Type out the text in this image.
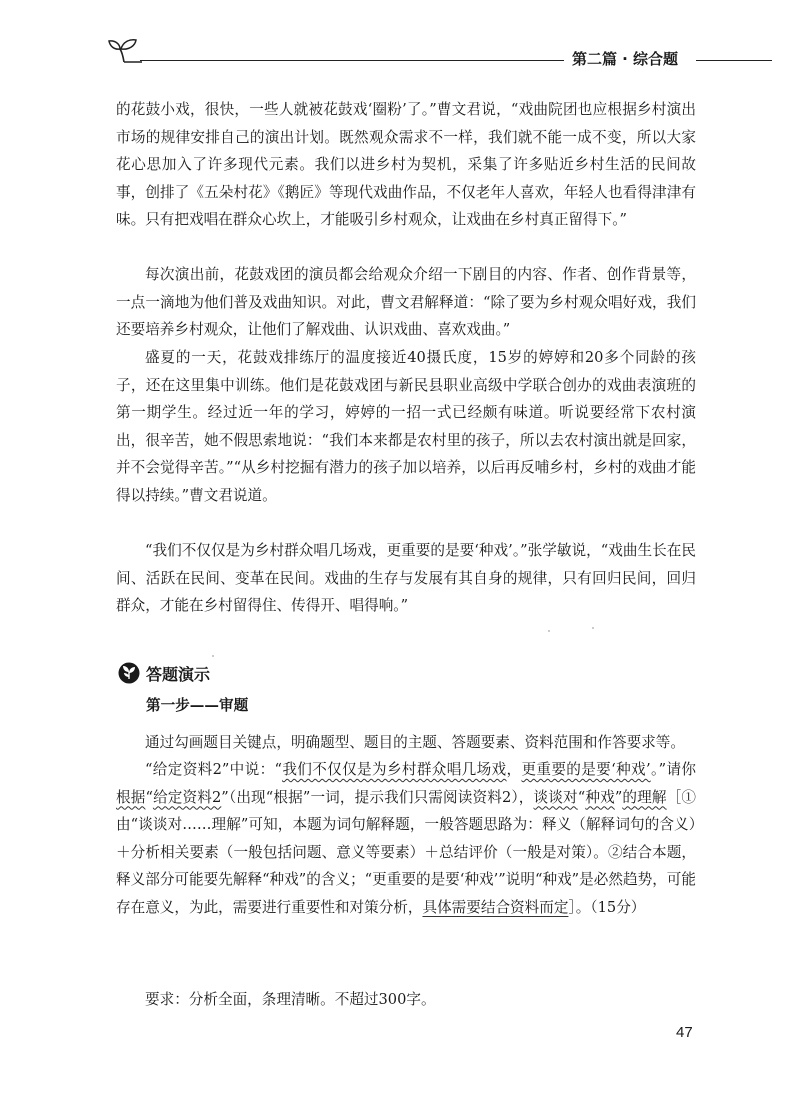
第二篇 · 综合题

的花鼓小戏，很快，一些人就被花鼓戏‘圈粉’了。”曹文君说，“戏曲院团也应根据乡村演出市场的规律安排自己的演出计划。既然观众需求不一样，我们就不能一成不变，所以大家花心思加入了许多现代元素。我们以进乡村为契机，采集了许多贴近乡村生活的民间故事，创排了《五朵村花》《鹅匠》等现代戏曲作品，不仅老年人喜欢，年轻人也看得津津有味。只有把戏唱在群众心坎上，才能吸引乡村观众，让戏曲在乡村真正留得下。”

每次演出前，花鼓戏团的演员都会给观众介绍一下剧目的内容、作者、创作背景等，一点一滴地为他们普及戏曲知识。对此，曹文君解释道：“除了要为乡村观众唱好戏，我们还要培养乡村观众，让他们了解戏曲、认识戏曲、喜欢戏曲。”

盛夏的一天，花鼓戏排练厅的温度接近40摄氏度，15岁的婷婷和20多个同龄的孩子，还在这里集中训练。他们是花鼓戏团与新民县职业高级中学联合创办的戏曲表演班的第一期学生。经过近一年的学习，婷婷的一招一式已经颇有味道。听说要经常下农村演出，很辛苦，她不假思索地说：“我们本来都是农村里的孩子，所以去农村演出就是回家，并不会觉得辛苦。”“从乡村挖掘有潜力的孩子加以培养，以后再反哺乡村，乡村的戏曲才能得以持续。”曹文君说道。

“我们不仅仅是为乡村群众唱几场戏，更重要的是要‘种戏’。”张学敏说，“戏曲生长在民间、活跃在民间、变革在民间。戏曲的生存与发展有其自身的规律，只有回归民间，回归群众，才能在乡村留得住、传得开、唱得响。”

答题演示
第一步——审题

通过勾画题目关键点，明确题型、题目的主题、答题要素、资料范围和作答要求等。

“给定资料2”中说：“我们不仅仅是为乡村群众唱几场戏，更重要的是要‘种戏’。”请你根据“给定资料2”（出现“根据”一词，提示我们只需阅读资料2），谈谈对“种戏”的理解［①由“谈谈对……理解”可知，本题为词句解释题，一般答题思路为：释义（解释词句的含义）＋分析相关要素（一般包括问题、意义等要素）＋总结评价（一般是对策）。②结合本题，释义部分可能要先解释“种戏”的含义；“更重要的是要‘种戏’”说明“种戏”是必然趋势，可能存在意义，为此，需要进行重要性和对策分析，具体需要结合资料而定］。（15分）

要求：分析全面，条理清晰。不超过300字。

47
